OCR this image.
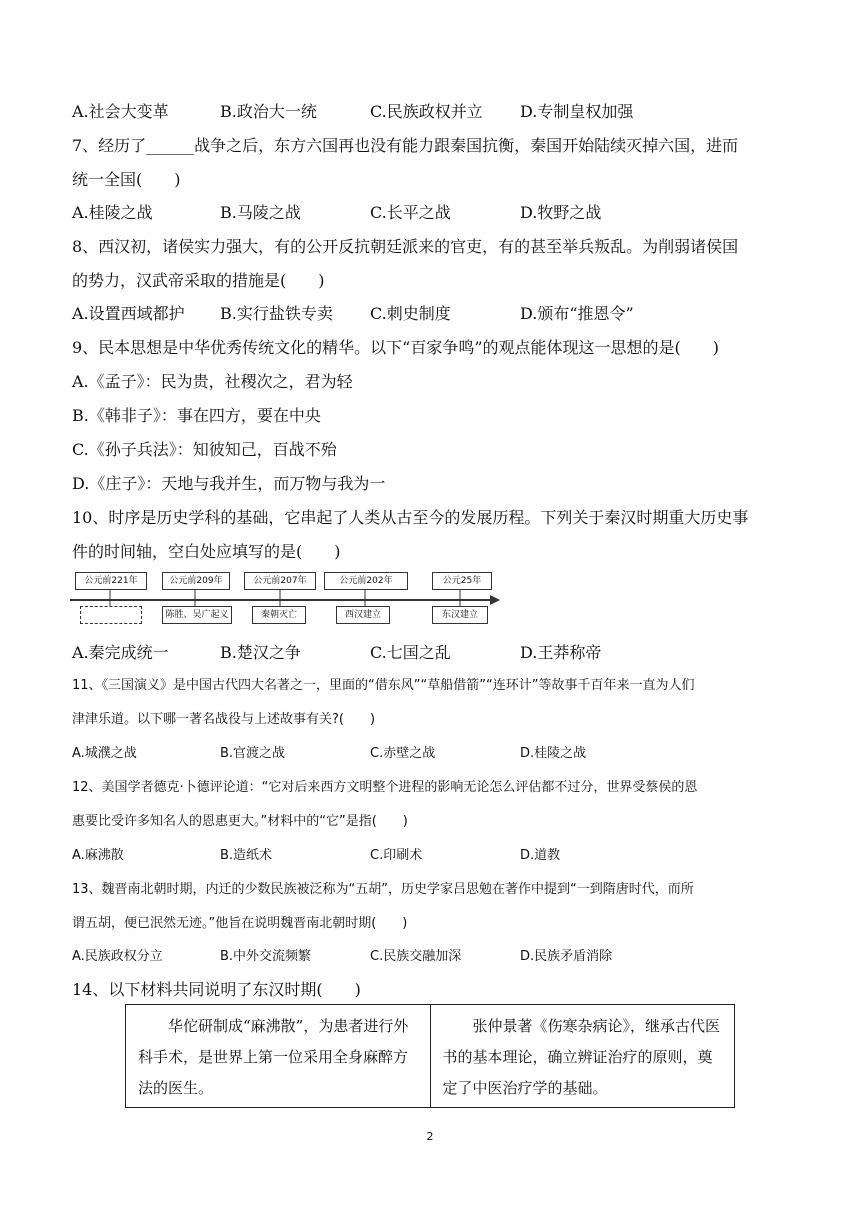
A.社会大变革	B.政治大一统	C.民族政权并立 D.专制皇权加强
7、经历了______战争之后，东方六国再也没有能力跟秦国抗衡，秦国开始陆续灭掉六国，进而
统一全国(　　)
A.桂陵之战	B.马陵之战	C.长平之战	D.牧野之战
8、西汉初，诸侯实力强大，有的公开反抗朝廷派来的官吏，有的甚至举兵叛乱。为削弱诸侯国
的势力，汉武帝采取的措施是(　　)
A.设置西域都护 B.实行盐铁专卖 C.刺史制度	D.颁布“推恩令”
9、民本思想是中华优秀传统文化的精华。以下“百家争鸣”的观点能体现这一思想的是(　　)
A.《孟子》：民为贵，社稷次之，君为轻
B.《韩非子》：事在四方，要在中央
C.《孙子兵法》：知彼知己，百战不殆
D.《庄子》：天地与我并生，而万物与我为一
10、时序是历史学科的基础，它串起了人类从古至今的发展历程。下列关于秦汉时期重大历史事
件的时间轴，空白处应填写的是(　　)
公元前221年	公元前209年	公元前207年	公元前202年	公元25年
陈胜、吴广起义	秦朝灭亡	西汉建立	东汉建立
A.秦完成统一	B.楚汉之争	C.七国之乱	D.王莽称帝
11、《三国演义》是中国古代四大名著之一，里面的“借东风”“草船借箭”“连环计”等故事千百年来一直为人们
津津乐道。以下哪一著名战役与上述故事有关?(　　)
A.城濮之战	B.官渡之战	C.赤壁之战	D.桂陵之战
12、美国学者德克·卜德评论道：“它对后来西方文明整个进程的影响无论怎么评估都不过分，世界受蔡侯的恩
惠要比受许多知名人的恩惠更大。”材料中的“它”是指(　　)
A.麻沸散	B.造纸术	C.印刷术	D.道教
13、魏晋南北朝时期，内迁的少数民族被泛称为“五胡”，历史学家吕思勉在著作中提到“一到隋唐时代，而所
谓五胡，便已泯然无迹。”他旨在说明魏晋南北朝时期(　　)
A.民族政权分立	B.中外交流频繁	C.民族交融加深	D.民族矛盾消除
14、以下材料共同说明了东汉时期(　　)
　　华佗研制成“麻沸散”，为患者进行外科手术，是世界上第一位采用全身麻醉方法的医生。
　　张仲景著《伤寒杂病论》，继承古代医书的基本理论，确立辨证治疗的原则，奠定了中医治疗学的基础。
2
